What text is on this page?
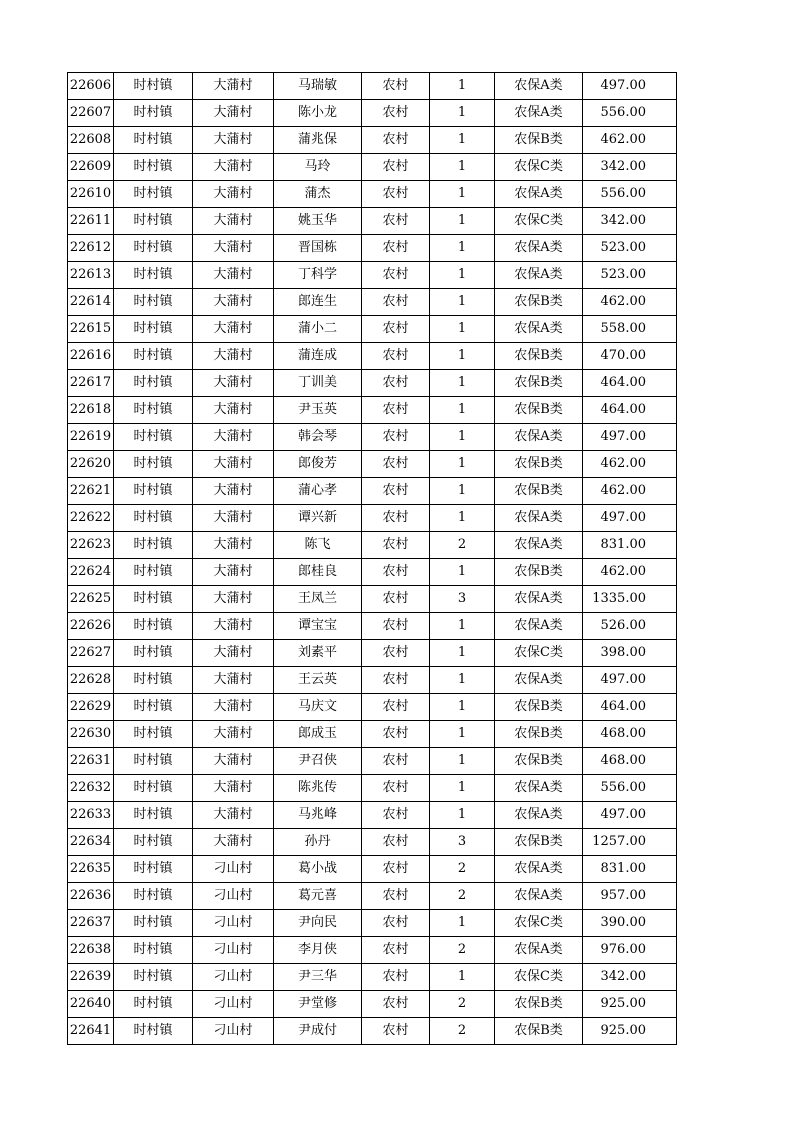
22606	时村镇	大蒲村	马瑞敏	农村	1	农保A类	497.00
22607	时村镇	大蒲村	陈小龙	农村	1	农保A类	556.00
22608	时村镇	大蒲村	蒲兆保	农村	1	农保B类	462.00
22609	时村镇	大蒲村	马玲	农村	1	农保C类	342.00
22610	时村镇	大蒲村	蒲杰	农村	1	农保A类	556.00
22611	时村镇	大蒲村	姚玉华	农村	1	农保C类	342.00
22612	时村镇	大蒲村	晋国栋	农村	1	农保A类	523.00
22613	时村镇	大蒲村	丁科学	农村	1	农保A类	523.00
22614	时村镇	大蒲村	郎连生	农村	1	农保B类	462.00
22615	时村镇	大蒲村	蒲小二	农村	1	农保A类	558.00
22616	时村镇	大蒲村	蒲连成	农村	1	农保B类	470.00
22617	时村镇	大蒲村	丁训美	农村	1	农保B类	464.00
22618	时村镇	大蒲村	尹玉英	农村	1	农保B类	464.00
22619	时村镇	大蒲村	韩会琴	农村	1	农保A类	497.00
22620	时村镇	大蒲村	郎俊芳	农村	1	农保B类	462.00
22621	时村镇	大蒲村	蒲心孝	农村	1	农保B类	462.00
22622	时村镇	大蒲村	谭兴新	农村	1	农保A类	497.00
22623	时村镇	大蒲村	陈飞	农村	2	农保A类	831.00
22624	时村镇	大蒲村	郎桂良	农村	1	农保B类	462.00
22625	时村镇	大蒲村	王凤兰	农村	3	农保A类	1335.00
22626	时村镇	大蒲村	谭宝宝	农村	1	农保A类	526.00
22627	时村镇	大蒲村	刘素平	农村	1	农保C类	398.00
22628	时村镇	大蒲村	王云英	农村	1	农保A类	497.00
22629	时村镇	大蒲村	马庆文	农村	1	农保B类	464.00
22630	时村镇	大蒲村	郎成玉	农村	1	农保B类	468.00
22631	时村镇	大蒲村	尹召侠	农村	1	农保B类	468.00
22632	时村镇	大蒲村	陈兆传	农村	1	农保A类	556.00
22633	时村镇	大蒲村	马兆峰	农村	1	农保A类	497.00
22634	时村镇	大蒲村	孙丹	农村	3	农保B类	1257.00
22635	时村镇	刁山村	葛小战	农村	2	农保A类	831.00
22636	时村镇	刁山村	葛元喜	农村	2	农保A类	957.00
22637	时村镇	刁山村	尹向民	农村	1	农保C类	390.00
22638	时村镇	刁山村	李月侠	农村	2	农保A类	976.00
22639	时村镇	刁山村	尹三华	农村	1	农保C类	342.00
22640	时村镇	刁山村	尹堂修	农村	2	农保B类	925.00
22641	时村镇	刁山村	尹成付	农村	2	农保B类	925.00
